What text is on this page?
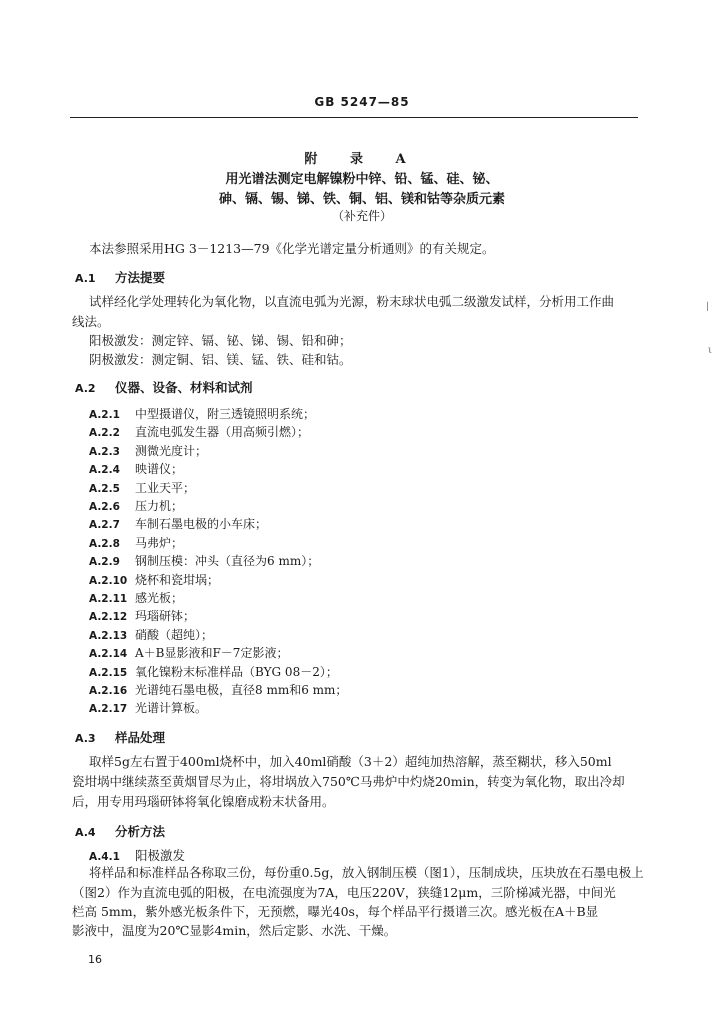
GB 5247—85
附 录 A
用光谱法测定电解镍粉中锌、铅、锰、硅、铋、
砷、镉、锡、锑、铁、铜、铝、镁和钴等杂质元素
（补充件）
本法参照采用HG 3－1213—79《化学光谱定量分析通则》的有关规定。
A.1 方法提要
试样经化学处理转化为氧化物，以直流电弧为光源，粉末球状电弧二级激发试样，分析用工作曲
线法。
阳极激发：测定锌、镉、铋、锑、锡、铅和砷；
阴极激发：测定铜、铝、镁、锰、铁、硅和钴。
A.2 仪器、设备、材料和试剂
A.2.1 中型摄谱仪，附三透镜照明系统；
A.2.2 直流电弧发生器（用高频引燃）；
A.2.3 测微光度计；
A.2.4 映谱仪；
A.2.5 工业天平；
A.2.6 压力机；
A.2.7 车制石墨电极的小车床；
A.2.8 马弗炉；
A.2.9 钢制压模：冲头（直径为6 mm）；
A.2.10 烧杯和瓷坩埚；
A.2.11 感光板；
A.2.12 玛瑙研钵；
A.2.13 硝酸（超纯）；
A.2.14 A＋B显影液和F－7定影液；
A.2.15 氧化镍粉末标准样品（BYG 08－2）；
A.2.16 光谱纯石墨电极，直径8 mm和6 mm；
A.2.17 光谱计算板。
A.3 样品处理
取样5g左右置于400ml烧杯中，加入40ml硝酸（3＋2）超纯加热溶解，蒸至糊状，移入50ml
瓷坩埚中继续蒸至黄烟冒尽为止，将坩埚放入750℃马弗炉中灼烧20min，转变为氧化物，取出冷却
后，用专用玛瑙研钵将氧化镍磨成粉末状备用。
A.4 分析方法
A.4.1 阳极激发
将样品和标准样品各称取三份，每份重0.5g，放入钢制压模（图1），压制成块，压块放在石墨电极上
（图2）作为直流电弧的阳极，在电流强度为7A，电压220V，狭缝12μm，三阶梯减光器，中间光
栏高 5mm，紫外感光板条件下，无预燃，曝光40s，每个样品平行摄谱三次。感光板在A＋B显
影液中，温度为20℃显影4min，然后定影、水洗、干燥。
16
∣
ι
